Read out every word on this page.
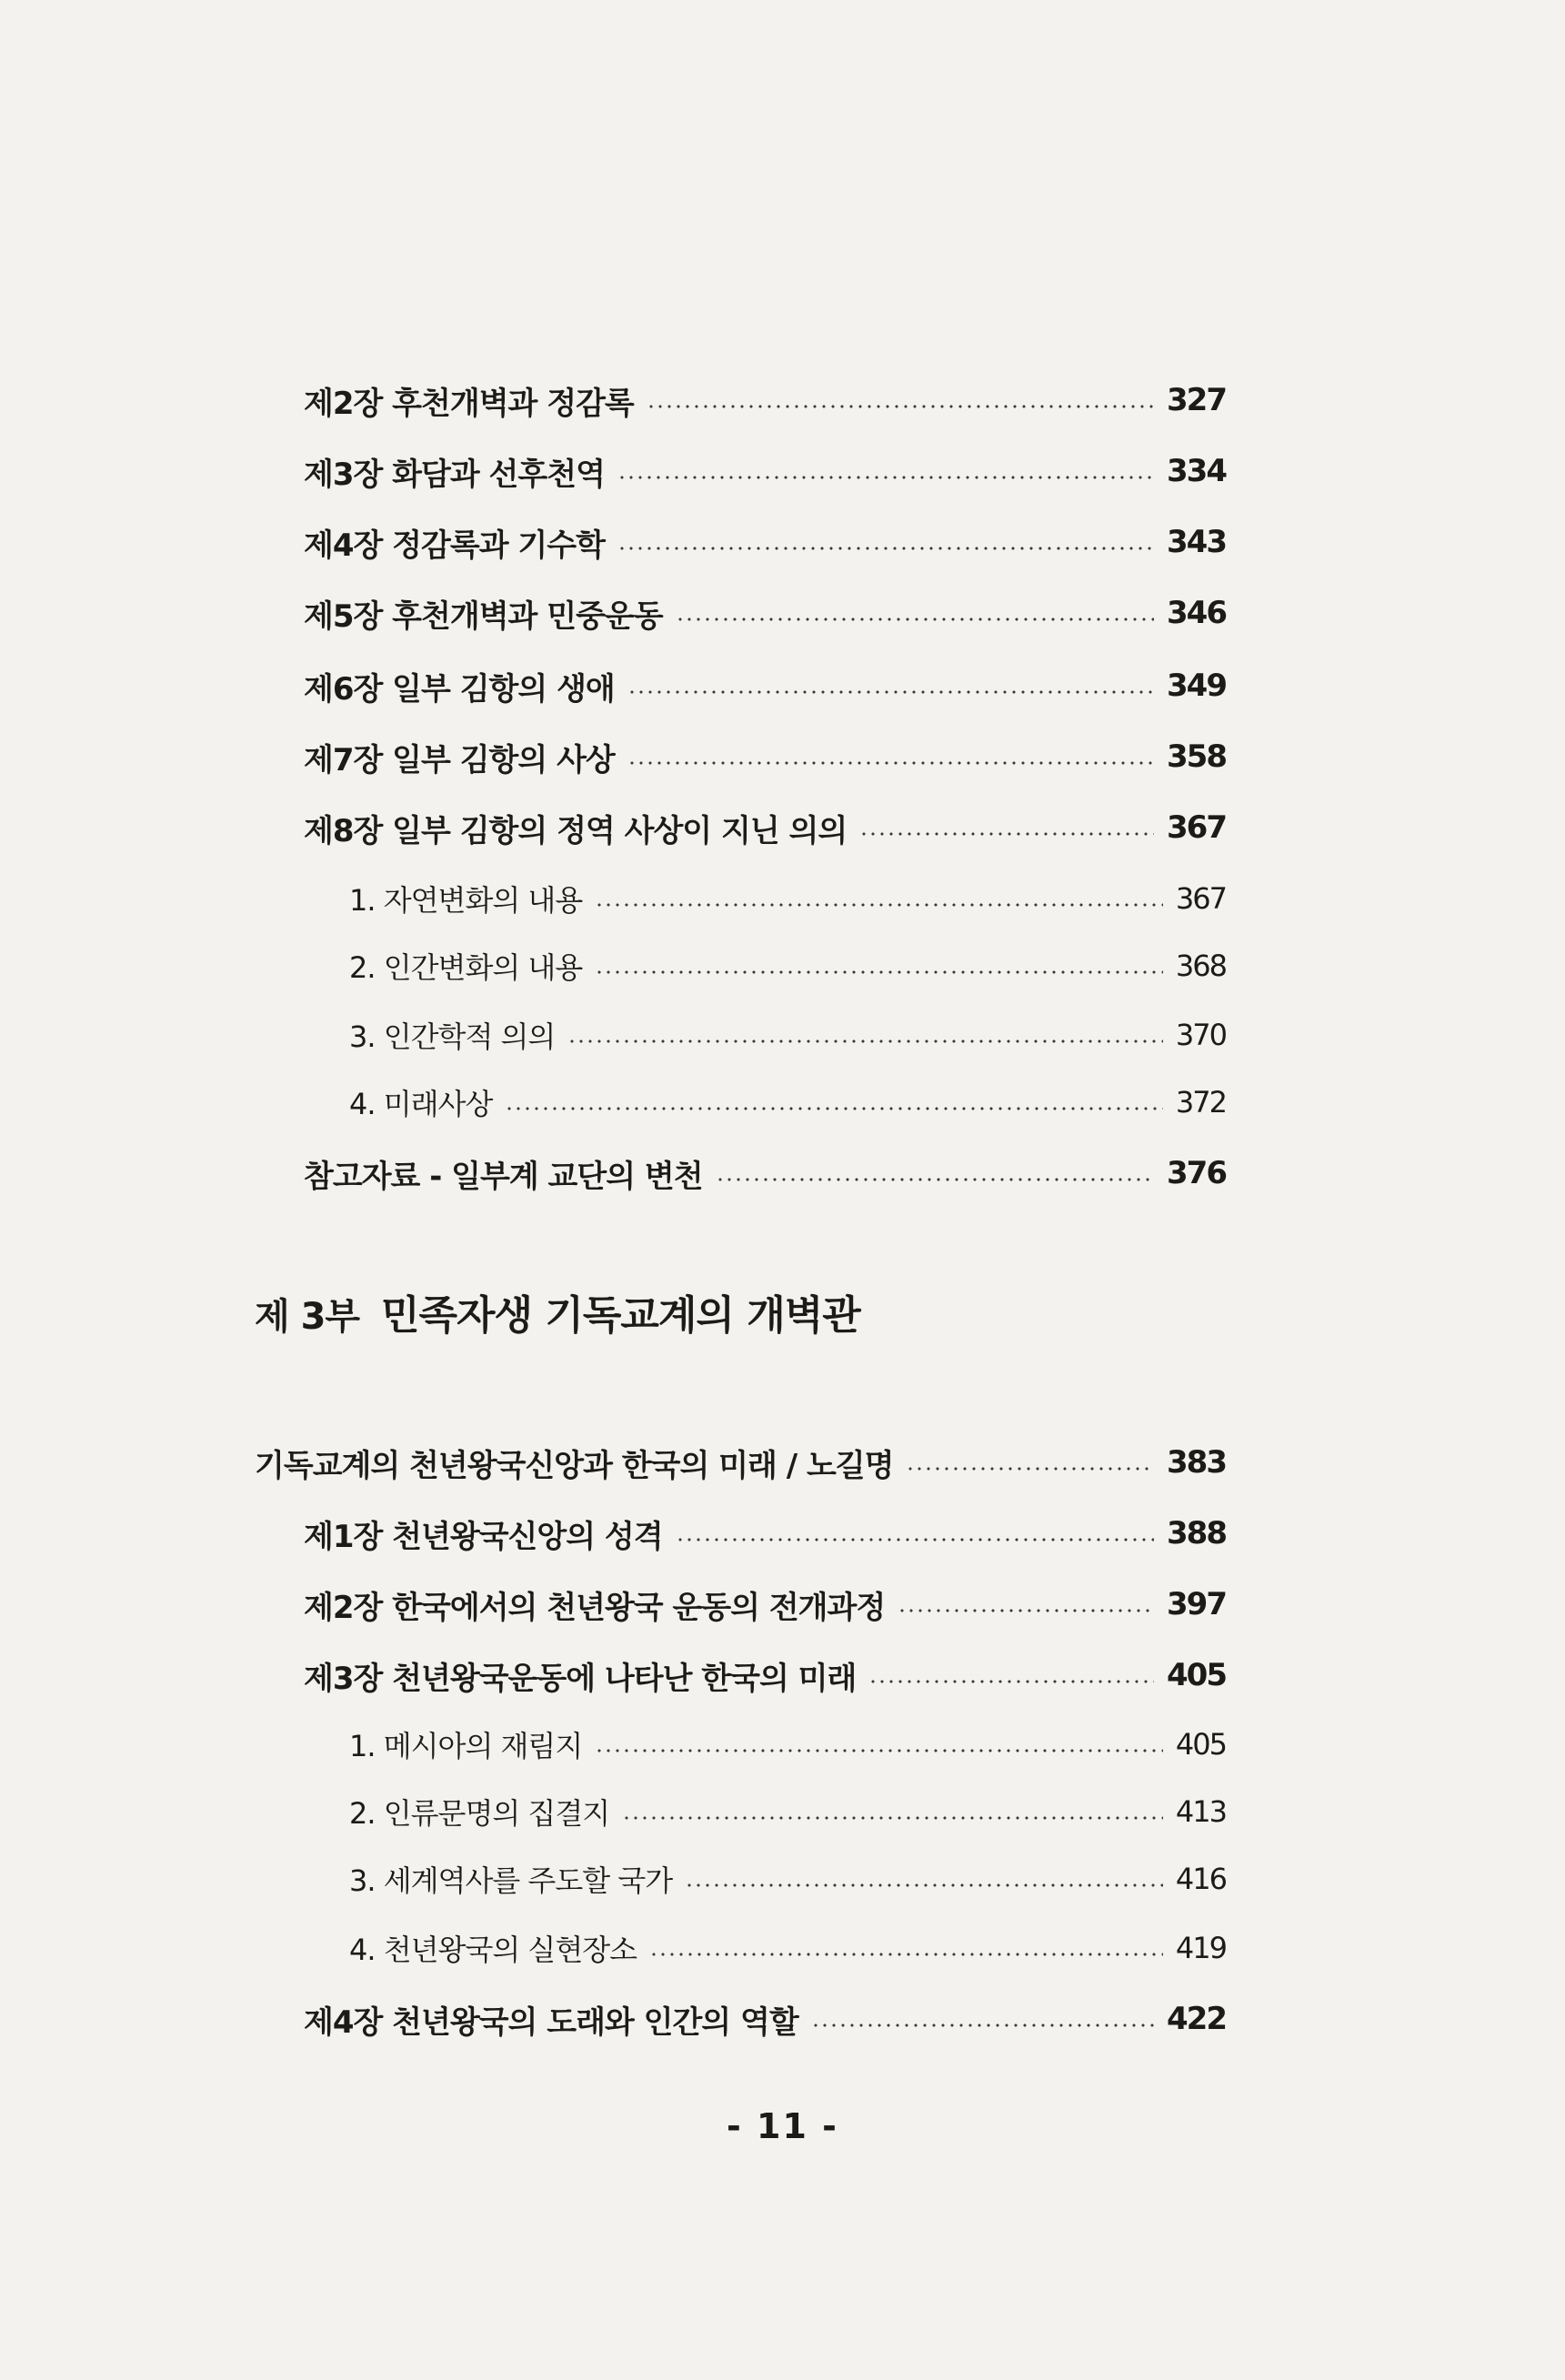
제2장 후천개벽과 정감록	327
제3장 화담과 선후천역	334
제4장 정감록과 기수학	343
제5장 후천개벽과 민중운동	346
제6장 일부 김항의 생애	349
제7장 일부 김항의 사상	358
제8장 일부 김항의 정역 사상이 지닌 의의	367
1. 자연변화의 내용	367
2. 인간변화의 내용	368
3. 인간학적 의의	370
4. 미래사상	372
참고자료 - 일부계 교단의 변천	376
제 3부 민족자생 기독교계의 개벽관
기독교계의 천년왕국신앙과 한국의 미래 / 노길명	383
제1장 천년왕국신앙의 성격	388
제2장 한국에서의 천년왕국 운동의 전개과정	397
제3장 천년왕국운동에 나타난 한국의 미래	405
1. 메시아의 재림지	405
2. 인류문명의 집결지	413
3. 세계역사를 주도할 국가	416
4. 천년왕국의 실현장소	419
제4장 천년왕국의 도래와 인간의 역할	422
- 11 -
